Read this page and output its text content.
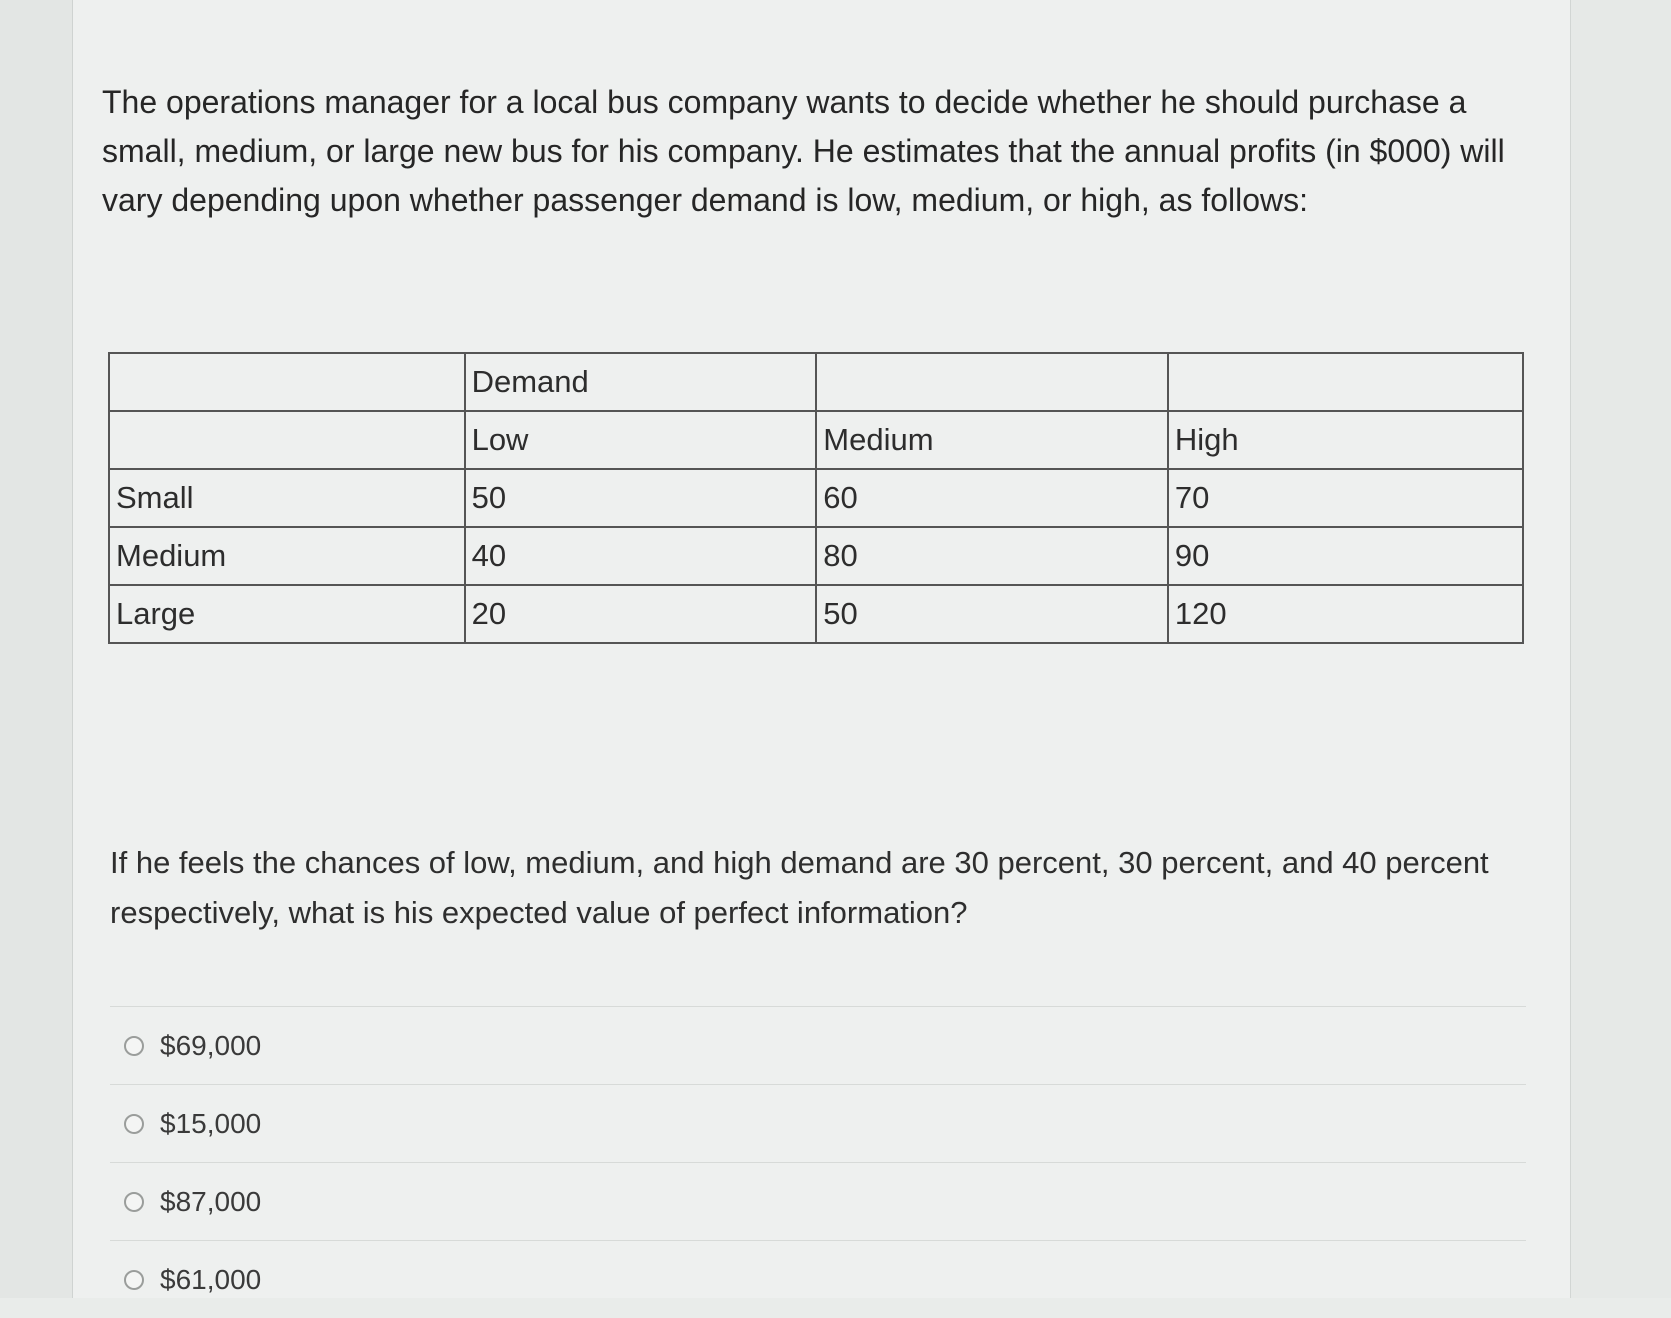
The operations manager for a local bus company wants to decide whether he should purchase a small, medium, or large new bus for his company. He estimates that the annual profits (in $000) will vary depending upon whether passenger demand is low, medium, or high, as follows:
	Demand		
	Low	Medium	High
Small	50	60	70
Medium	40	80	90
Large	20	50	120
If he feels the chances of low, medium, and high demand are 30 percent, 30 percent, and 40 percent respectively, what is his expected value of perfect information?
$69,000
$15,000
$87,000
$61,000
